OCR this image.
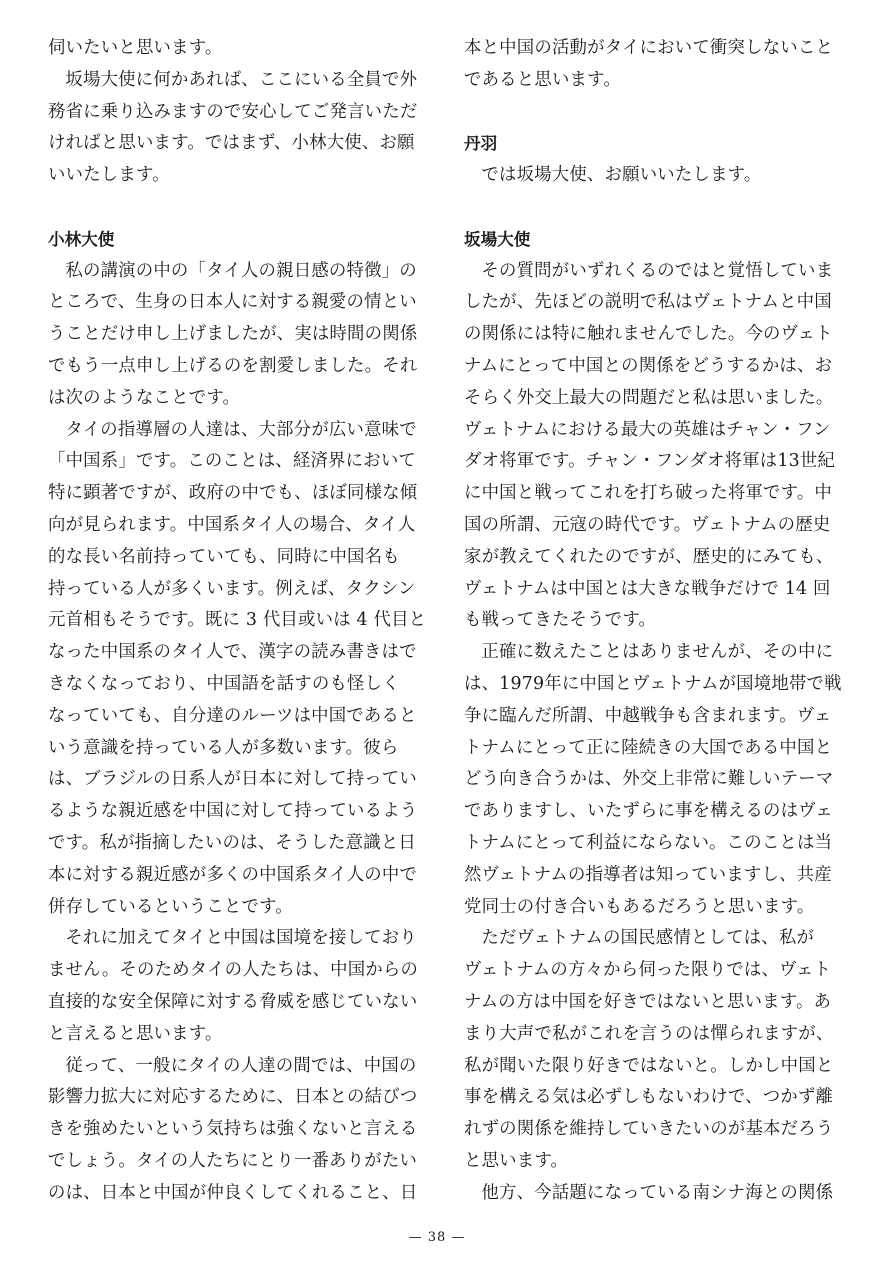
伺いたいと思います。
坂場大使に何かあれば、ここにいる全員で外
務省に乗り込みますので安心してご発言いただ
ければと思います。ではまず、小林大使、お願
いいたします。
小林大使
私の講演の中の「タイ人の親日感の特徴」の
ところで、生身の日本人に対する親愛の情とい
うことだけ申し上げましたが、実は時間の関係
でもう一点申し上げるのを割愛しました。それ
は次のようなことです。
タイの指導層の人達は、大部分が広い意味で
「中国系」です。このことは、経済界において
特に顕著ですが、政府の中でも、ほぼ同様な傾
向が見られます。中国系タイ人の場合、タイ人
的な長い名前持っていても、同時に中国名も
持っている人が多くいます。例えば、タクシン
元首相もそうです。既に 3 代目或いは 4 代目と
なった中国系のタイ人で、漢字の読み書きはで
きなくなっており、中国語を話すのも怪しく
なっていても、自分達のルーツは中国であると
いう意識を持っている人が多数います。彼ら
は、ブラジルの日系人が日本に対して持ってい
るような親近感を中国に対して持っているよう
です。私が指摘したいのは、そうした意識と日
本に対する親近感が多くの中国系タイ人の中で
併存しているということです。
それに加えてタイと中国は国境を接しており
ません。そのためタイの人たちは、中国からの
直接的な安全保障に対する脅威を感じていない
と言えると思います。
従って、一般にタイの人達の間では、中国の
影響力拡大に対応するために、日本との結びつ
きを強めたいという気持ちは強くないと言える
でしょう。タイの人たちにとり一番ありがたい
のは、日本と中国が仲良くしてくれること、日
本と中国の活動がタイにおいて衝突しないこと
であると思います。
丹羽
では坂場大使、お願いいたします。
坂場大使
その質問がいずれくるのではと覚悟していま
したが、先ほどの説明で私はヴェトナムと中国
の関係には特に触れませんでした。今のヴェト
ナムにとって中国との関係をどうするかは、お
そらく外交上最大の問題だと私は思いました。
ヴェトナムにおける最大の英雄はチャン・フン
ダオ将軍です。チャン・フンダオ将軍は13世紀
に中国と戦ってこれを打ち破った将軍です。中
国の所謂、元寇の時代です。ヴェトナムの歴史
家が教えてくれたのですが、歴史的にみても、
ヴェトナムは中国とは大きな戦争だけで 14 回
も戦ってきたそうです。
正確に数えたことはありませんが、その中に
は、1979年に中国とヴェトナムが国境地帯で戦
争に臨んだ所謂、中越戦争も含まれます。ヴェ
トナムにとって正に陸続きの大国である中国と
どう向き合うかは、外交上非常に難しいテーマ
でありますし、いたずらに事を構えるのはヴェ
トナムにとって利益にならない。このことは当
然ヴェトナムの指導者は知っていますし、共産
党同士の付き合いもあるだろうと思います。
ただヴェトナムの国民感情としては、私が
ヴェトナムの方々から伺った限りでは、ヴェト
ナムの方は中国を好きではないと思います。あ
まり大声で私がこれを言うのは憚られますが、
私が聞いた限り好きではないと。しかし中国と
事を構える気は必ずしもないわけで、つかず離
れずの関係を維持していきたいのが基本だろう
と思います。
他方、今話題になっている南シナ海との関係
— 38 —
